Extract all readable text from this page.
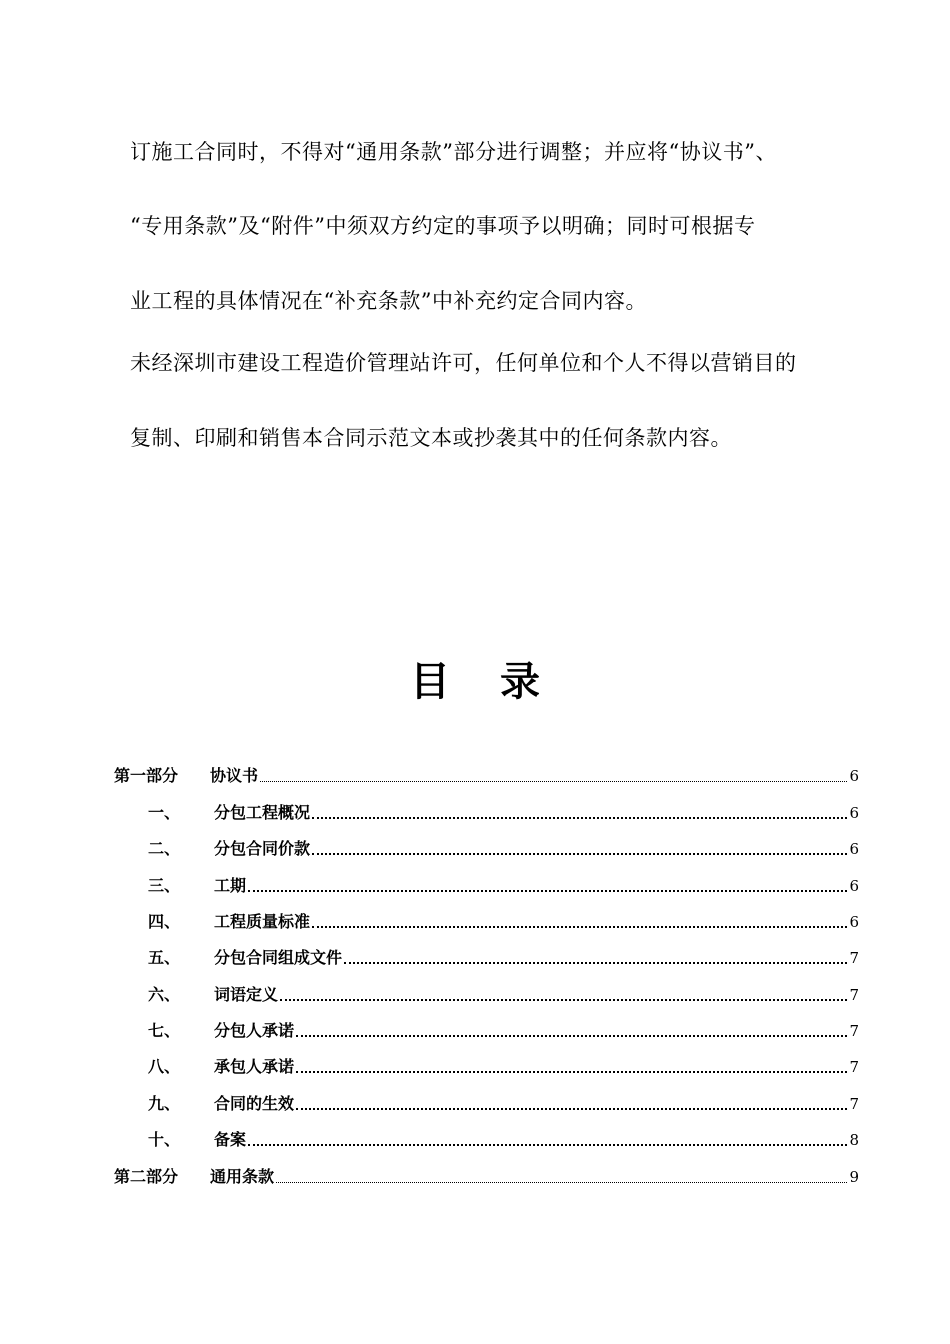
订施工合同时，不得对“通用条款”部分进行调整；并应将“协议书”、
“专用条款”及“附件”中须双方约定的事项予以明确；同时可根据专
业工程的具体情况在“补充条款”中补充约定合同内容。
未经深圳市建设工程造价管理站许可，任何单位和个人不得以营销目的
复制、印刷和销售本合同示范文本或抄袭其中的任何条款内容。
目 录
第一部分	协议书	6
一、	分包工程概况	6
二、	分包合同价款	6
三、	工期	6
四、	工程质量标准	6
五、	分包合同组成文件	7
六、	词语定义	7
七、	分包人承诺	7
八、	承包人承诺	7
九、	合同的生效	7
十、	备案	8
第二部分	通用条款	9
